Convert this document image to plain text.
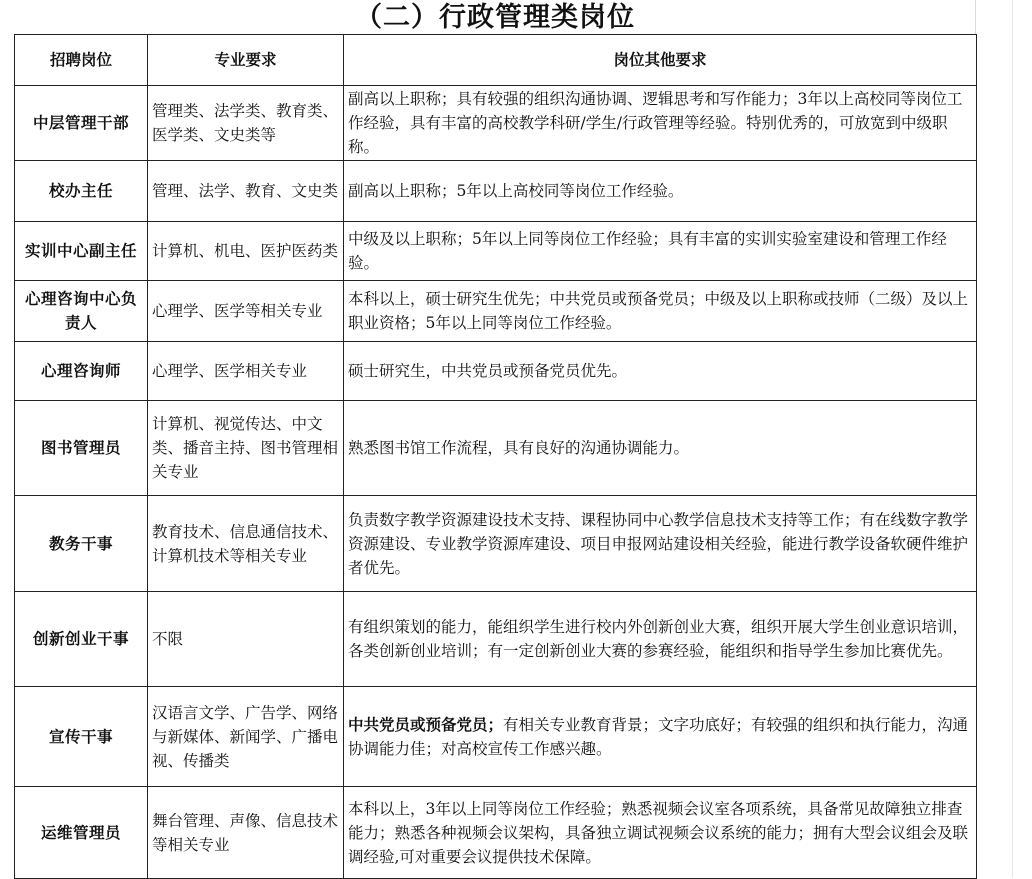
（二）行政管理类岗位
招聘岗位	专业要求	岗位其他要求
中层管理干部	管理类、法学类、教育类、医学类、文史类等	副高以上职称；具有较强的组织沟通协调、逻辑思考和写作能力；3年以上高校同等岗位工作经验，具有丰富的高校教学科研/学生/行政管理等经验。特别优秀的，可放宽到中级职称。
校办主任	管理、法学、教育、文史类	副高以上职称；5年以上高校同等岗位工作经验。
实训中心副主任	计算机、机电、医护医药类	中级及以上职称；5年以上同等岗位工作经验；具有丰富的实训实验室建设和管理工作经验。
心理咨询中心负责人	心理学、医学等相关专业	本科以上，硕士研究生优先；中共党员或预备党员；中级及以上职称或技师（二级）及以上职业资格；5年以上同等岗位工作经验。
心理咨询师	心理学、医学相关专业	硕士研究生，中共党员或预备党员优先。
图书管理员	计算机、视觉传达、中文类、播音主持、图书管理相关专业	熟悉图书馆工作流程，具有良好的沟通协调能力。
教务干事	教育技术、信息通信技术、计算机技术等相关专业	负责数字教学资源建设技术支持、课程协同中心教学信息技术支持等工作；有在线数字教学资源建设、专业教学资源库建设、项目申报网站建设相关经验，能进行教学设备软硬件维护者优先。
创新创业干事	不限	有组织策划的能力，能组织学生进行校内外创新创业大赛，组织开展大学生创业意识培训，各类创新创业培训；有一定创新创业大赛的参赛经验，能组织和指导学生参加比赛优先。
宣传干事	汉语言文学、广告学、网络与新媒体、新闻学、广播电视、传播类	中共党员或预备党员；有相关专业教育背景；文字功底好；有较强的组织和执行能力，沟通协调能力佳；对高校宣传工作感兴趣。
运维管理员	舞台管理、声像、信息技术等相关专业	本科以上，3年以上同等岗位工作经验；熟悉视频会议室各项系统，具备常见故障独立排查能力；熟悉各种视频会议架构，具备独立调试视频会议系统的能力；拥有大型会议组会及联调经验,可对重要会议提供技术保障。
